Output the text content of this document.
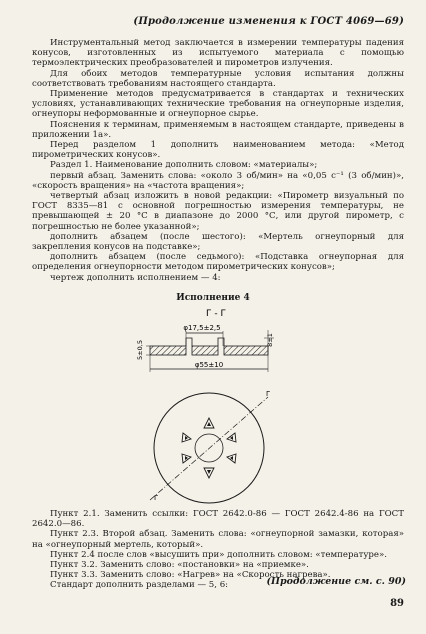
(Продолжение изменения к ГОСТ 4069—69)

Инструментальный метод заключается в измерении температуры падения конусов, изготовленных из испытуемого материала с помощью термоэлектрических преобразователей и пирометров излучения.

Для обоих методов температурные условия испытания должны соответствовать требованиям настоящего стандарта.

Применение методов предусматривается в стандартах и технических условиях, устанавливающих технические требования на огнеупорные изделия, огнеупоры неформованные и огнеупорное сырье.

Пояснения к терминам, применяемым в настоящем стандарте, приведены в приложении 1а».

Перед разделом 1 дополнить наименованием метода: «Метод пирометрических конусов».

Раздел 1. Наименование дополнить словом: «материалы»;

первый абзац. Заменить слова: «около 3 об/мин» на «0,05 с⁻¹ (3 об/мин)», «скорость вращения» на «частота вращения»;

четвертый абзац изложить в новой редакции: «Пирометр визуальный по ГОСТ 8335—81 с основной погрешностью измерения температуры, не превышающей ± 20 °С в диапазоне до 2000 °С, или другой пирометр, с погрешностью не более указанной»;

дополнить абзацем (после шестого): «Мертель огнеупорный для закрепления конусов на подставке»;

дополнить абзацем (после седьмого): «Подставка огнеупорная для определения огнеупорности методом пирометрических конусов»;

чертеж дополнить исполнением — 4:

Исполнение 4
Г - Г
φ17,5±2,5
5±0,5
8±1
φ55±10
Г
Г

Пункт 2.1. Заменить ссылки: ГОСТ 2642.0-86 — ГОСТ 2642.4-86 на ГОСТ 2642.0—86.

Пункт 2.3. Второй абзац. Заменить слова: «огнеупорной замазки, которая» на «огнеупорный мертель, который».

Пункт 2.4 после слов «высушить при» дополнить словом: «температуре».

Пункт 3.2. Заменить слово: «постановки» на «приемке».

Пункт 3.3. Заменить слово: «Нагрев» на «Скорость нагрева».

Стандарт дополнить разделами — 5, 6:	(Продолжение см. с. 90)
89
